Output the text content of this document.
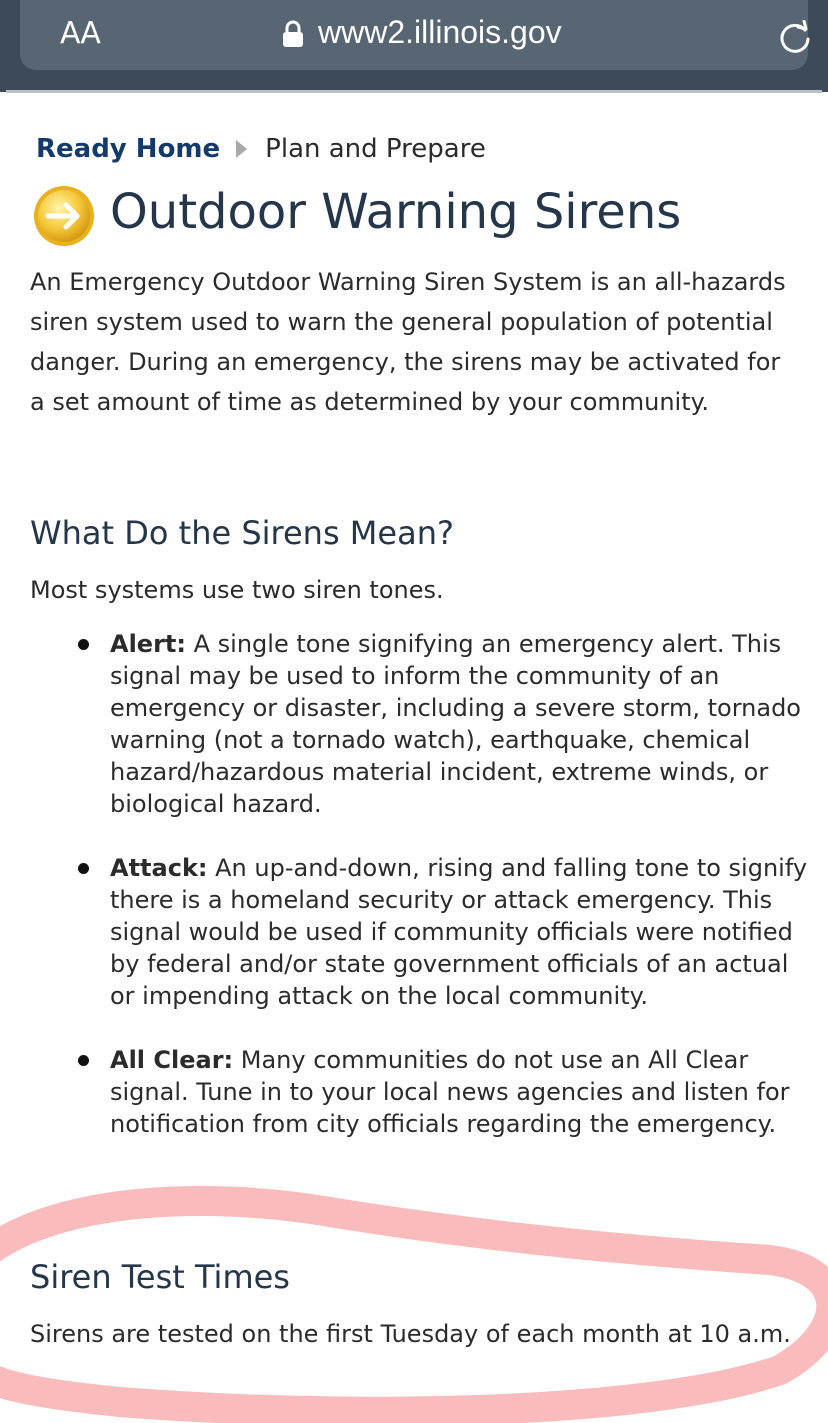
AA	www2.illinois.gov
Ready Home Plan and Prepare
Outdoor Warning Sirens

An Emergency Outdoor Warning Siren System is an all-hazards siren system used to warn the general population of potential danger. During an emergency, the sirens may be activated for a set amount of time as determined by your community.

What Do the Sirens Mean?

Most systems use two siren tones.

Alert: A single tone signifying an emergency alert. This signal may be used to inform the community of an emergency or disaster, including a severe storm, tornado warning (not a tornado watch), earthquake, chemical hazard/hazardous material incident, extreme winds, or biological hazard.
Attack: An up-and-down, rising and falling tone to signify there is a homeland security or attack emergency. This signal would be used if community officials were notified by federal and/or state government officials of an actual or impending attack on the local community.
All Clear: Many communities do not use an All Clear signal. Tune in to your local news agencies and listen for notification from city officials regarding the emergency.
Siren Test Times

Sirens are tested on the first Tuesday of each month at 10 a.m.
